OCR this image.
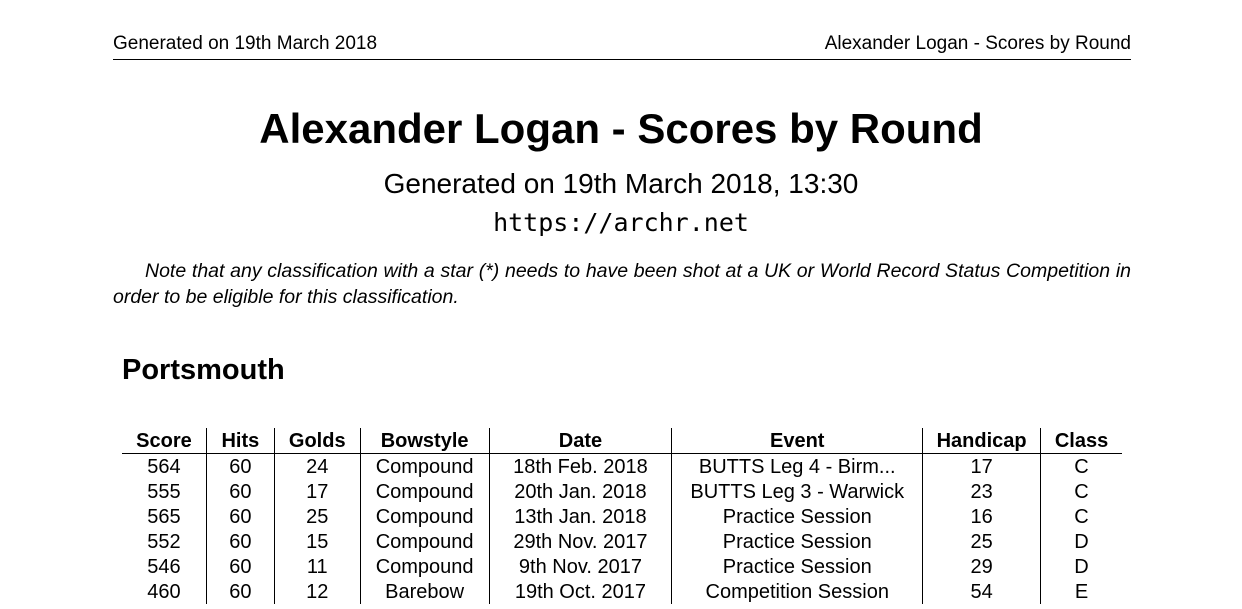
Generated on 19th March 2018	Alexander Logan - Scores by Round
Alexander Logan - Scores by Round
Generated on 19th March 2018, 13:30
https://archr.net

Note that any classification with a star (*) needs to have been shot at a UK or World Record Status Competition in order to be eligible for this classification.

Portsmouth
Score	Hits	Golds	Bowstyle	Date	Event	Handicap	Class
564	60	24	Compound	18th Feb. 2018	BUTTS Leg 4 - Birm...	17	C
555	60	17	Compound	20th Jan. 2018	BUTTS Leg 3 - Warwick	23	C
565	60	25	Compound	13th Jan. 2018	Practice Session	16	C
552	60	15	Compound	29th Nov. 2017	Practice Session	25	D
546	60	11	Compound	9th Nov. 2017	Practice Session	29	D
460	60	12	Barebow	19th Oct. 2017	Competition Session	54	E
